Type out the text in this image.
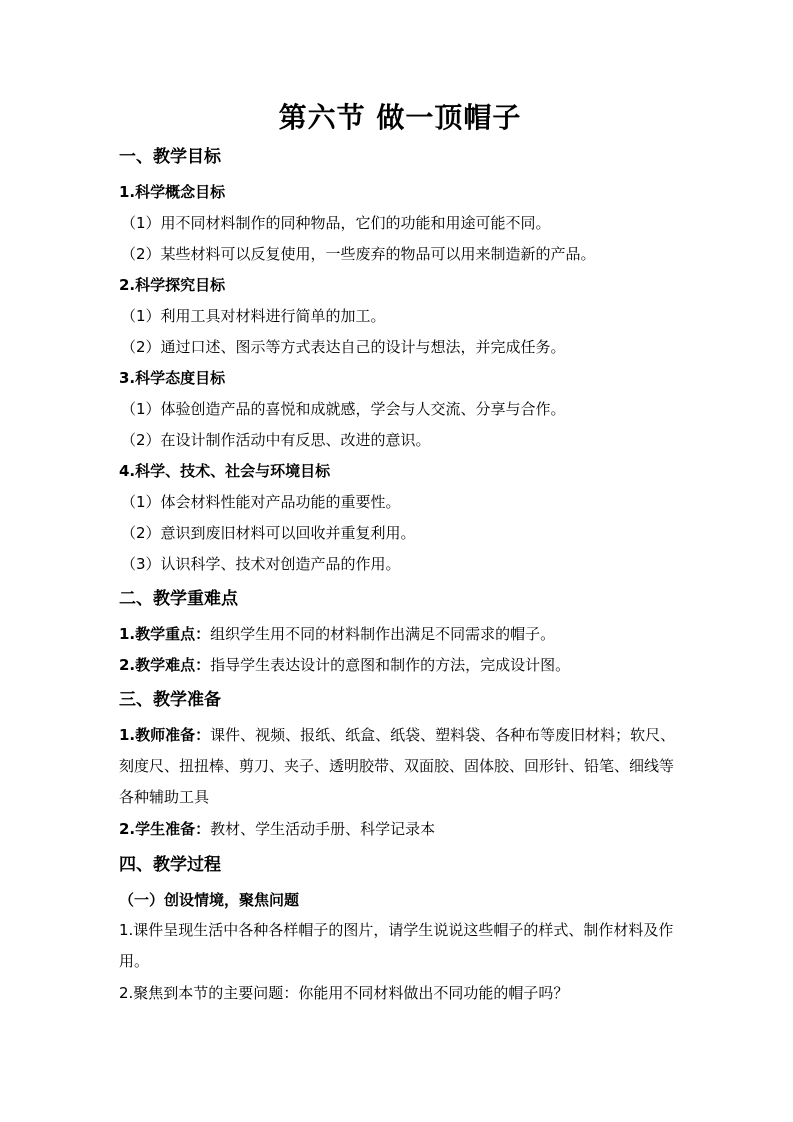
第六节 做一顶帽子
一、教学目标
1.科学概念目标
（1）用不同材料制作的同种物品，它们的功能和用途可能不同。
（2）某些材料可以反复使用，一些废弃的物品可以用来制造新的产品。
2.科学探究目标
（1）利用工具对材料进行简单的加工。
（2）通过口述、图示等方式表达自己的设计与想法，并完成任务。
3.科学态度目标
（1）体验创造产品的喜悦和成就感，学会与人交流、分享与合作。
（2）在设计制作活动中有反思、改进的意识。
4.科学、技术、社会与环境目标
（1）体会材料性能对产品功能的重要性。
（2）意识到废旧材料可以回收并重复利用。
（3）认识科学、技术对创造产品的作用。
二、教学重难点
1.教学重点：组织学生用不同的材料制作出满足不同需求的帽子。
2.教学难点：指导学生表达设计的意图和制作的方法，完成设计图。
三、教学准备
1.教师准备：课件、视频、报纸、纸盒、纸袋、塑料袋、各种布等废旧材料；软尺、刻度尺、扭扭棒、剪刀、夹子、透明胶带、双面胶、固体胶、回形针、铅笔、细线等各种辅助工具
2.学生准备：教材、学生活动手册、科学记录本
四、教学过程
（一）创设情境，聚焦问题
1.课件呈现生活中各种各样帽子的图片，请学生说说这些帽子的样式、制作材料及作用。
2.聚焦到本节的主要问题：你能用不同材料做出不同功能的帽子吗？
